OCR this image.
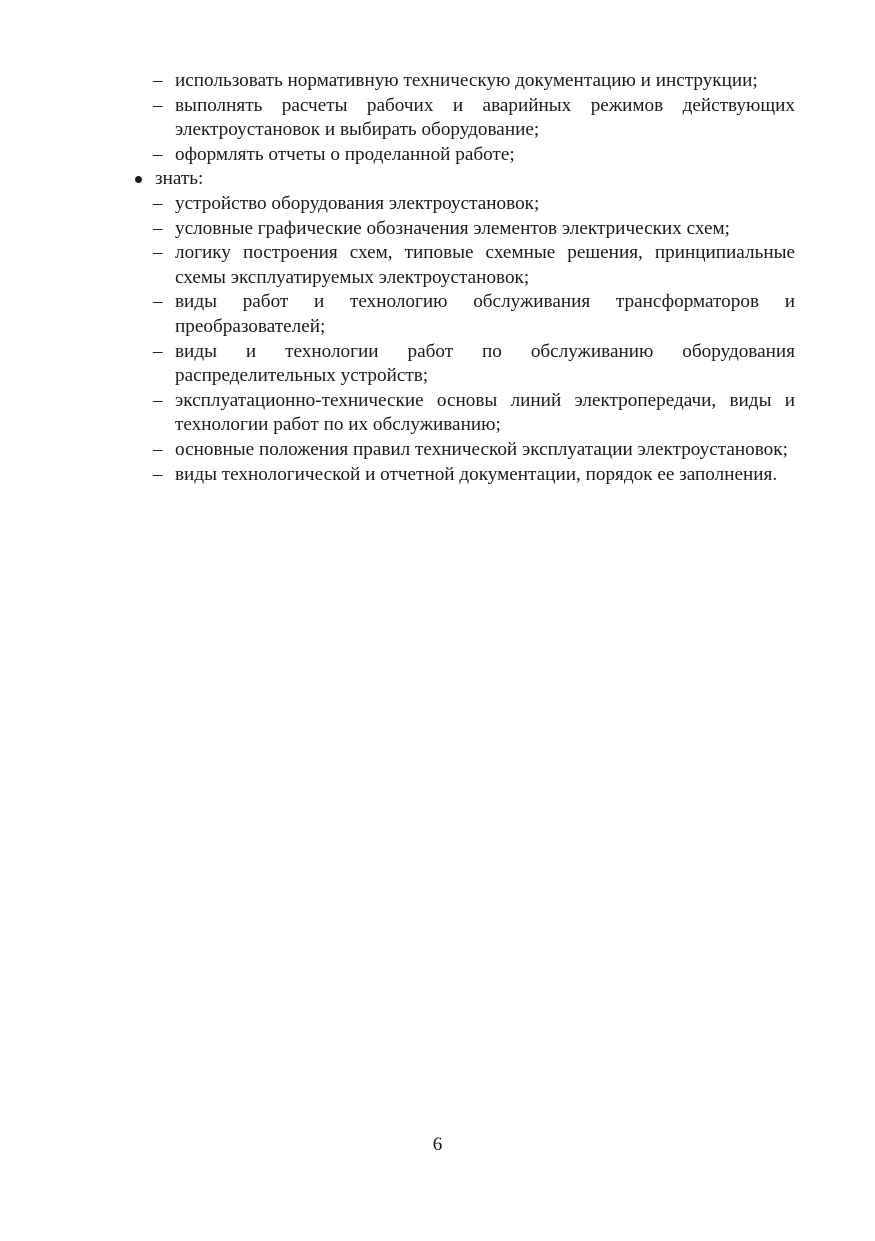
– использовать нормативную техническую документацию и инструкции;
– выполнять расчеты рабочих и аварийных режимов действующих электроустановок и выбирать оборудование;
– оформлять отчеты о проделанной работе;
знать:
– устройство оборудования электроустановок;
– условные графические обозначения элементов электрических схем;
– логику построения схем, типовые схемные решения, принципиальные схемы эксплуатируемых электроустановок;
– виды работ и технологию обслуживания трансформаторов и преобразователей;
– виды и технологии работ по обслуживанию оборудования распределительных устройств;
– эксплуатационно-технические основы линий электропередачи, виды и технологии работ по их обслуживанию;
– основные положения правил технической эксплуатации электроустановок;
– виды технологической и отчетной документации, порядок ее заполнения.
6
